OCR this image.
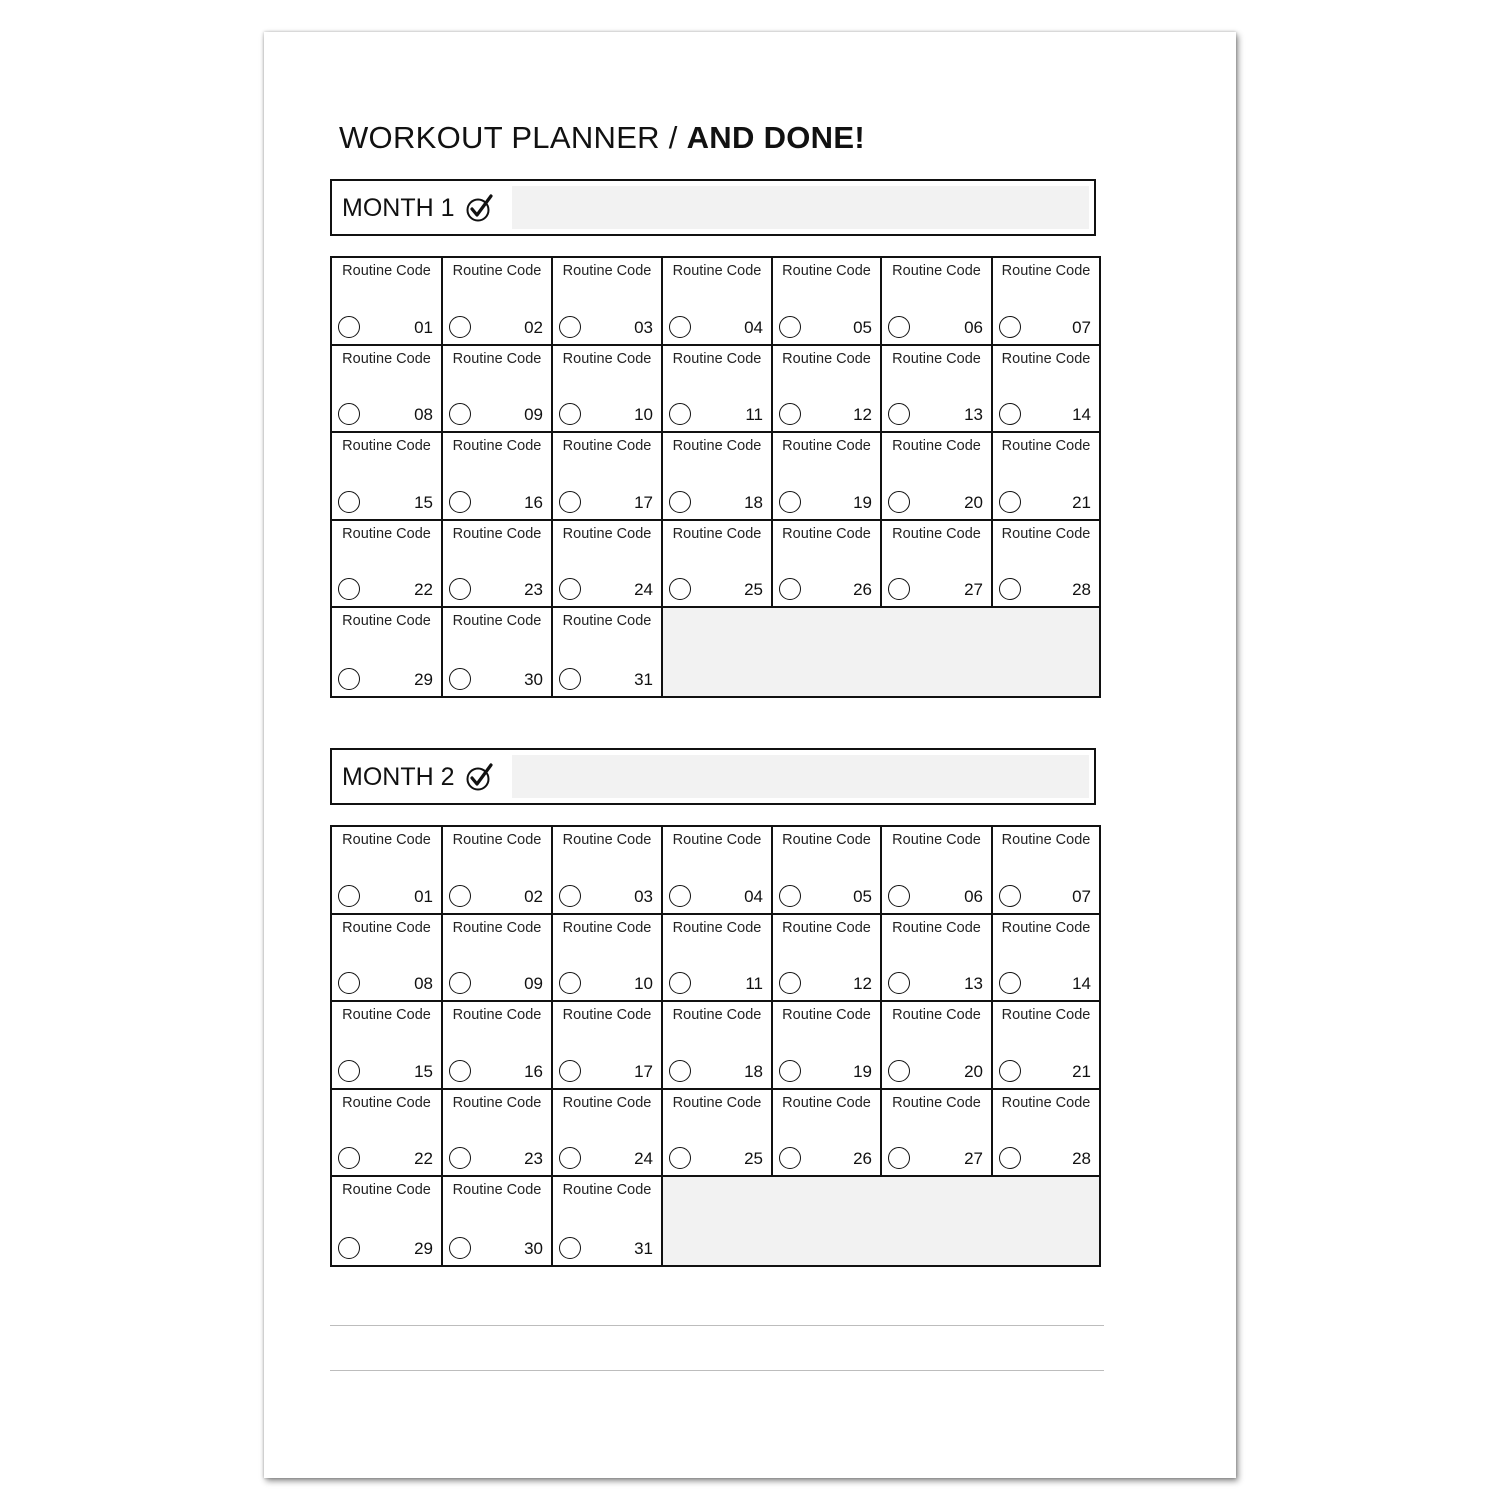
WORKOUT PLANNER / AND DONE!
MONTH 1
Routine Code
01
Routine Code
02
Routine Code
03
Routine Code
04
Routine Code
05
Routine Code
06
Routine Code
07
Routine Code
08
Routine Code
09
Routine Code
10
Routine Code
11
Routine Code
12
Routine Code
13
Routine Code
14
Routine Code
15
Routine Code
16
Routine Code
17
Routine Code
18
Routine Code
19
Routine Code
20
Routine Code
21
Routine Code
22
Routine Code
23
Routine Code
24
Routine Code
25
Routine Code
26
Routine Code
27
Routine Code
28
Routine Code
29
Routine Code
30
Routine Code
31
MONTH 2
Routine Code
01
Routine Code
02
Routine Code
03
Routine Code
04
Routine Code
05
Routine Code
06
Routine Code
07
Routine Code
08
Routine Code
09
Routine Code
10
Routine Code
11
Routine Code
12
Routine Code
13
Routine Code
14
Routine Code
15
Routine Code
16
Routine Code
17
Routine Code
18
Routine Code
19
Routine Code
20
Routine Code
21
Routine Code
22
Routine Code
23
Routine Code
24
Routine Code
25
Routine Code
26
Routine Code
27
Routine Code
28
Routine Code
29
Routine Code
30
Routine Code
31
